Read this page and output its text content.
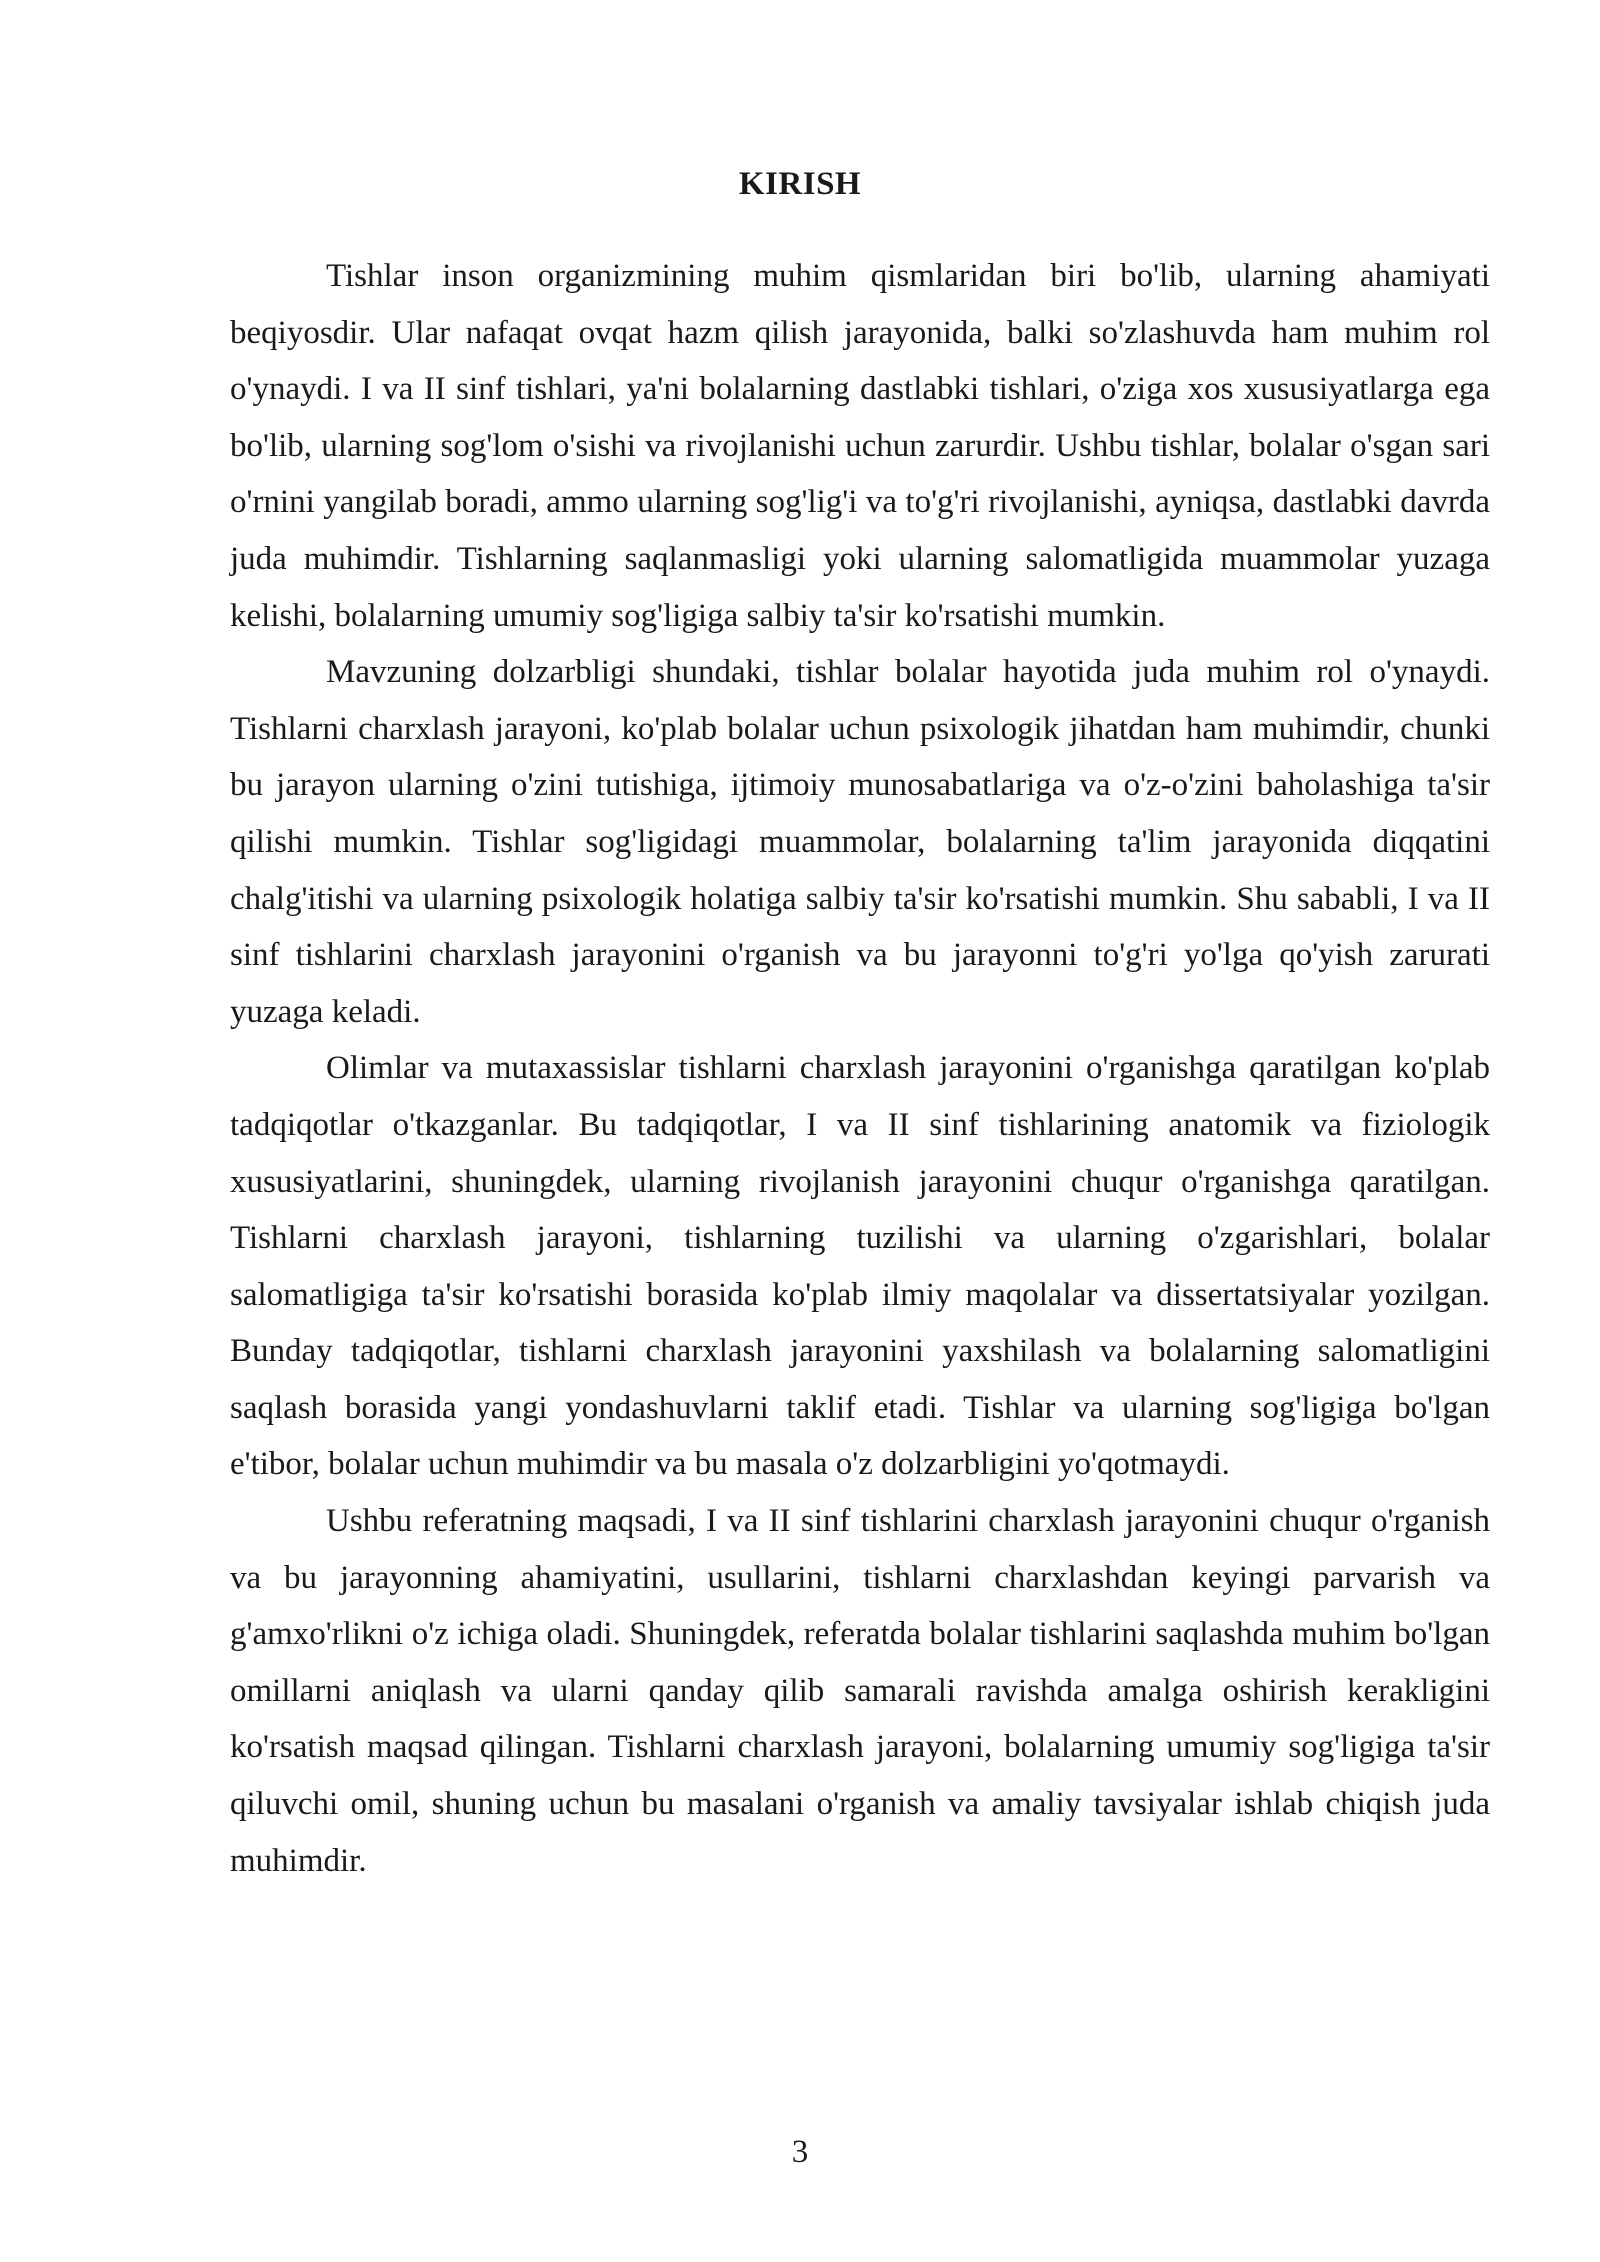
KIRISH

Tishlar inson organizmining muhim qismlaridan biri bo'lib, ularning ahamiyati beqiyosdir. Ular nafaqat ovqat hazm qilish jarayonida, balki so'zlashuvda ham muhim rol o'ynaydi. I va II sinf tishlari, ya'ni bolalarning dastlabki tishlari, o'ziga xos xususiyatlarga ega bo'lib, ularning sog'lom o'sishi va rivojlanishi uchun zarurdir. Ushbu tishlar, bolalar o'sgan sari o'rnini yangilab boradi, ammo ularning sog'lig'i va to'g'ri rivojlanishi, ayniqsa, dastlabki davrda juda muhimdir. Tishlarning saqlanmasligi yoki ularning salomatligida muammolar yuzaga kelishi, bolalarning umumiy sog'ligiga salbiy ta'sir ko'rsatishi mumkin.

Mavzuning dolzarbligi shundaki, tishlar bolalar hayotida juda muhim rol o'ynaydi. Tishlarni charxlash jarayoni, ko'plab bolalar uchun psixologik jihatdan ham muhimdir, chunki bu jarayon ularning o'zini tutishiga, ijtimoiy munosabatlariga va o'z-o'zini baholashiga ta'sir qilishi mumkin. Tishlar sog'ligidagi muammolar, bolalarning ta'lim jarayonida diqqatini chalg'itishi va ularning psixologik holatiga salbiy ta'sir ko'rsatishi mumkin. Shu sababli, I va II sinf tishlarini charxlash jarayonini o'rganish va bu jarayonni to'g'ri yo'lga qo'yish zarurati yuzaga keladi.

Olimlar va mutaxassislar tishlarni charxlash jarayonini o'rganishga qaratilgan ko'plab tadqiqotlar o'tkazganlar. Bu tadqiqotlar, I va II sinf tishlarining anatomik va fiziologik xususiyatlarini, shuningdek, ularning rivojlanish jarayonini chuqur o'rganishga qaratilgan. Tishlarni charxlash jarayoni, tishlarning tuzilishi va ularning o'zgarishlari, bolalar salomatligiga ta'sir ko'rsatishi borasida ko'plab ilmiy maqolalar va dissertatsiyalar yozilgan. Bunday tadqiqotlar, tishlarni charxlash jarayonini yaxshilash va bolalarning salomatligini saqlash borasida yangi yondashuvlarni taklif etadi. Tishlar va ularning sog'ligiga bo'lgan e'tibor, bolalar uchun muhimdir va bu masala o'z dolzarbligini yo'qotmaydi.

Ushbu referatning maqsadi, I va II sinf tishlarini charxlash jarayonini chuqur o'rganish va bu jarayonning ahamiyatini, usullarini, tishlarni charxlashdan keyingi parvarish va g'amxo'rlikni o'z ichiga oladi. Shuningdek, referatda bolalar tishlarini saqlashda muhim bo'lgan omillarni aniqlash va ularni qanday qilib samarali ravishda amalga oshirish kerakligini ko'rsatish maqsad qilingan. Tishlarni charxlash jarayoni, bolalarning umumiy sog'ligiga ta'sir qiluvchi omil, shuning uchun bu masalani o'rganish va amaliy tavsiyalar ishlab chiqish juda muhimdir.

3
